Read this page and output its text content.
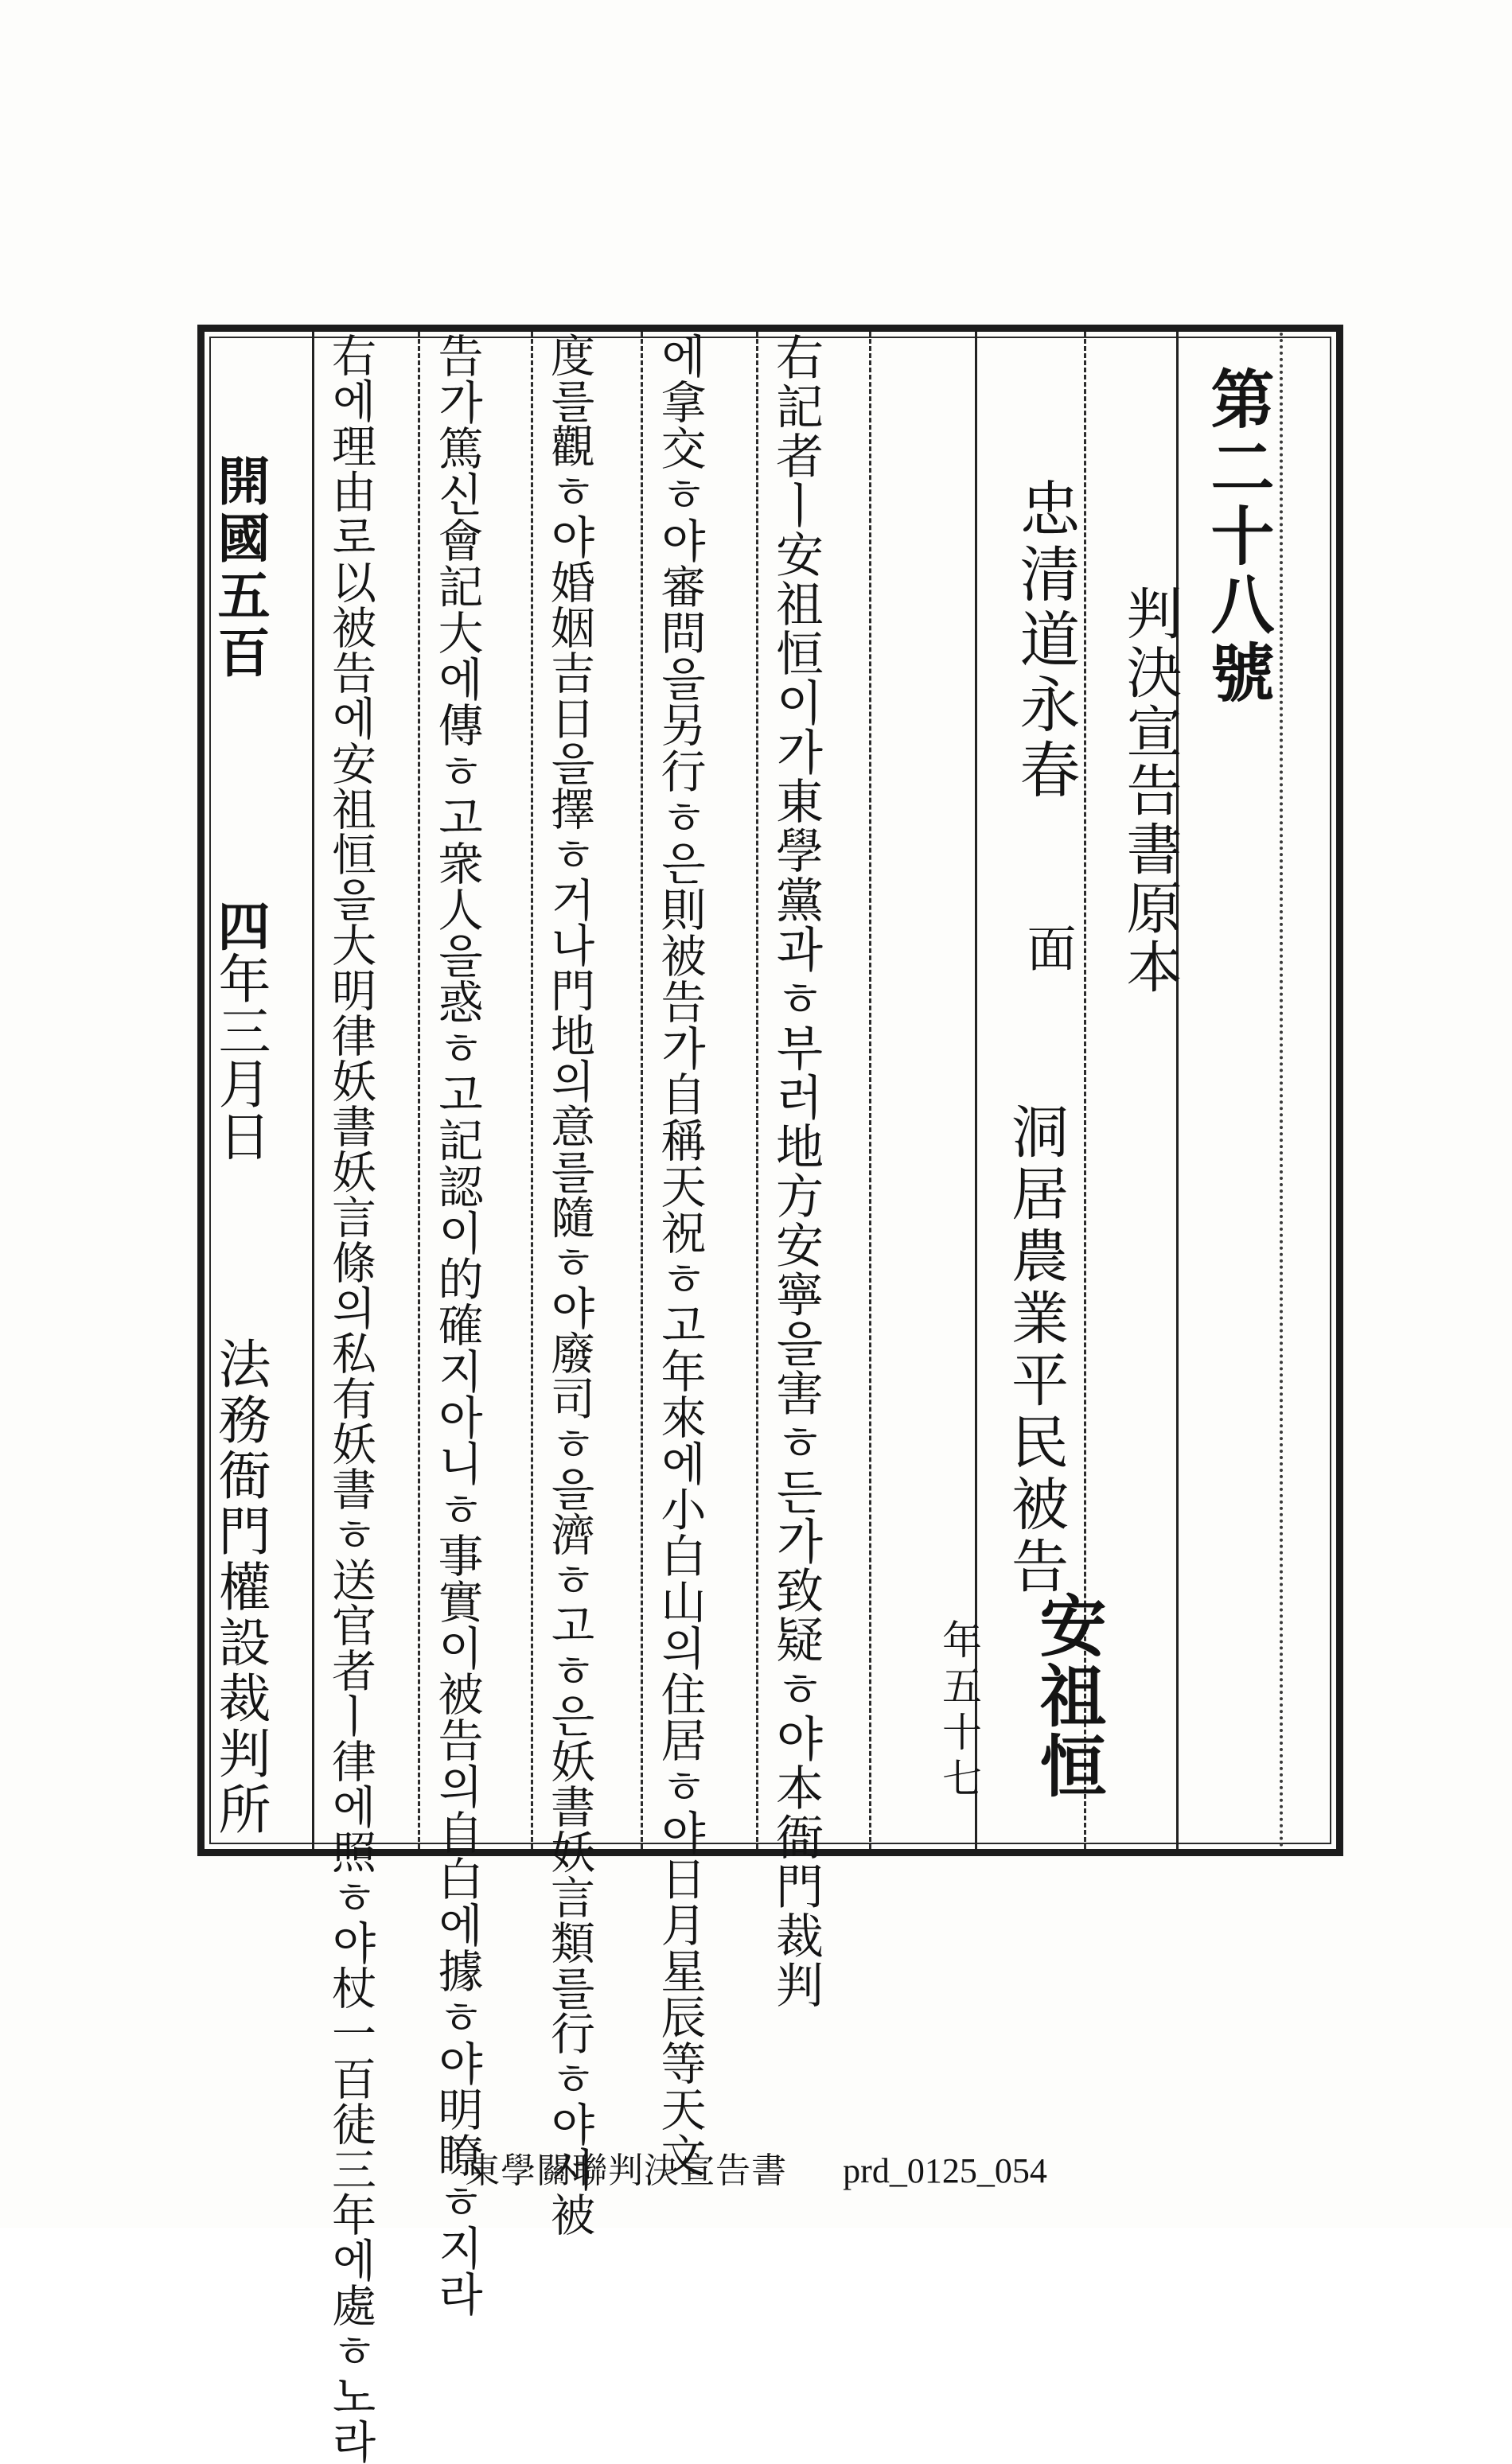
第二十八號
判決宣告書原本
忠清道永春
面
洞居農業平民被告
安祖恒
年五十七
右記者ㅣ安祖恒이가東學黨과ㅎ부러地方安寧을害ㅎ든가致疑ㅎ야本衙門裁判
에拿交ㅎ야審問을另行ㅎ은則被告가自稱天祝ㅎ고年來에小白山의住居ㅎ야日月星辰等天文
度를觀ㅎ야婚姻吉日을擇ㅎ거나門地의意를隨ㅎ야廢司ㅎ을濟ㅎ고ㅎ은妖書妖言類를行ㅎ야서被
告가篤신會記大에傳ㅎ고衆人을惑ㅎ고記認이的確지아니ㅎ事實이被告의自白에據ㅎ야明瞭ㅎ지라
右에理由로以被告에安祖恒을大明律妖書妖言條의私有妖書ㅎ送官者ㅣ律에照ㅎ야杖一百徒三年에處ㅎ노라
開國五百
四年三月日
法務衙門權設裁判所
東學關聯判決宣告書 prd_0125_054
